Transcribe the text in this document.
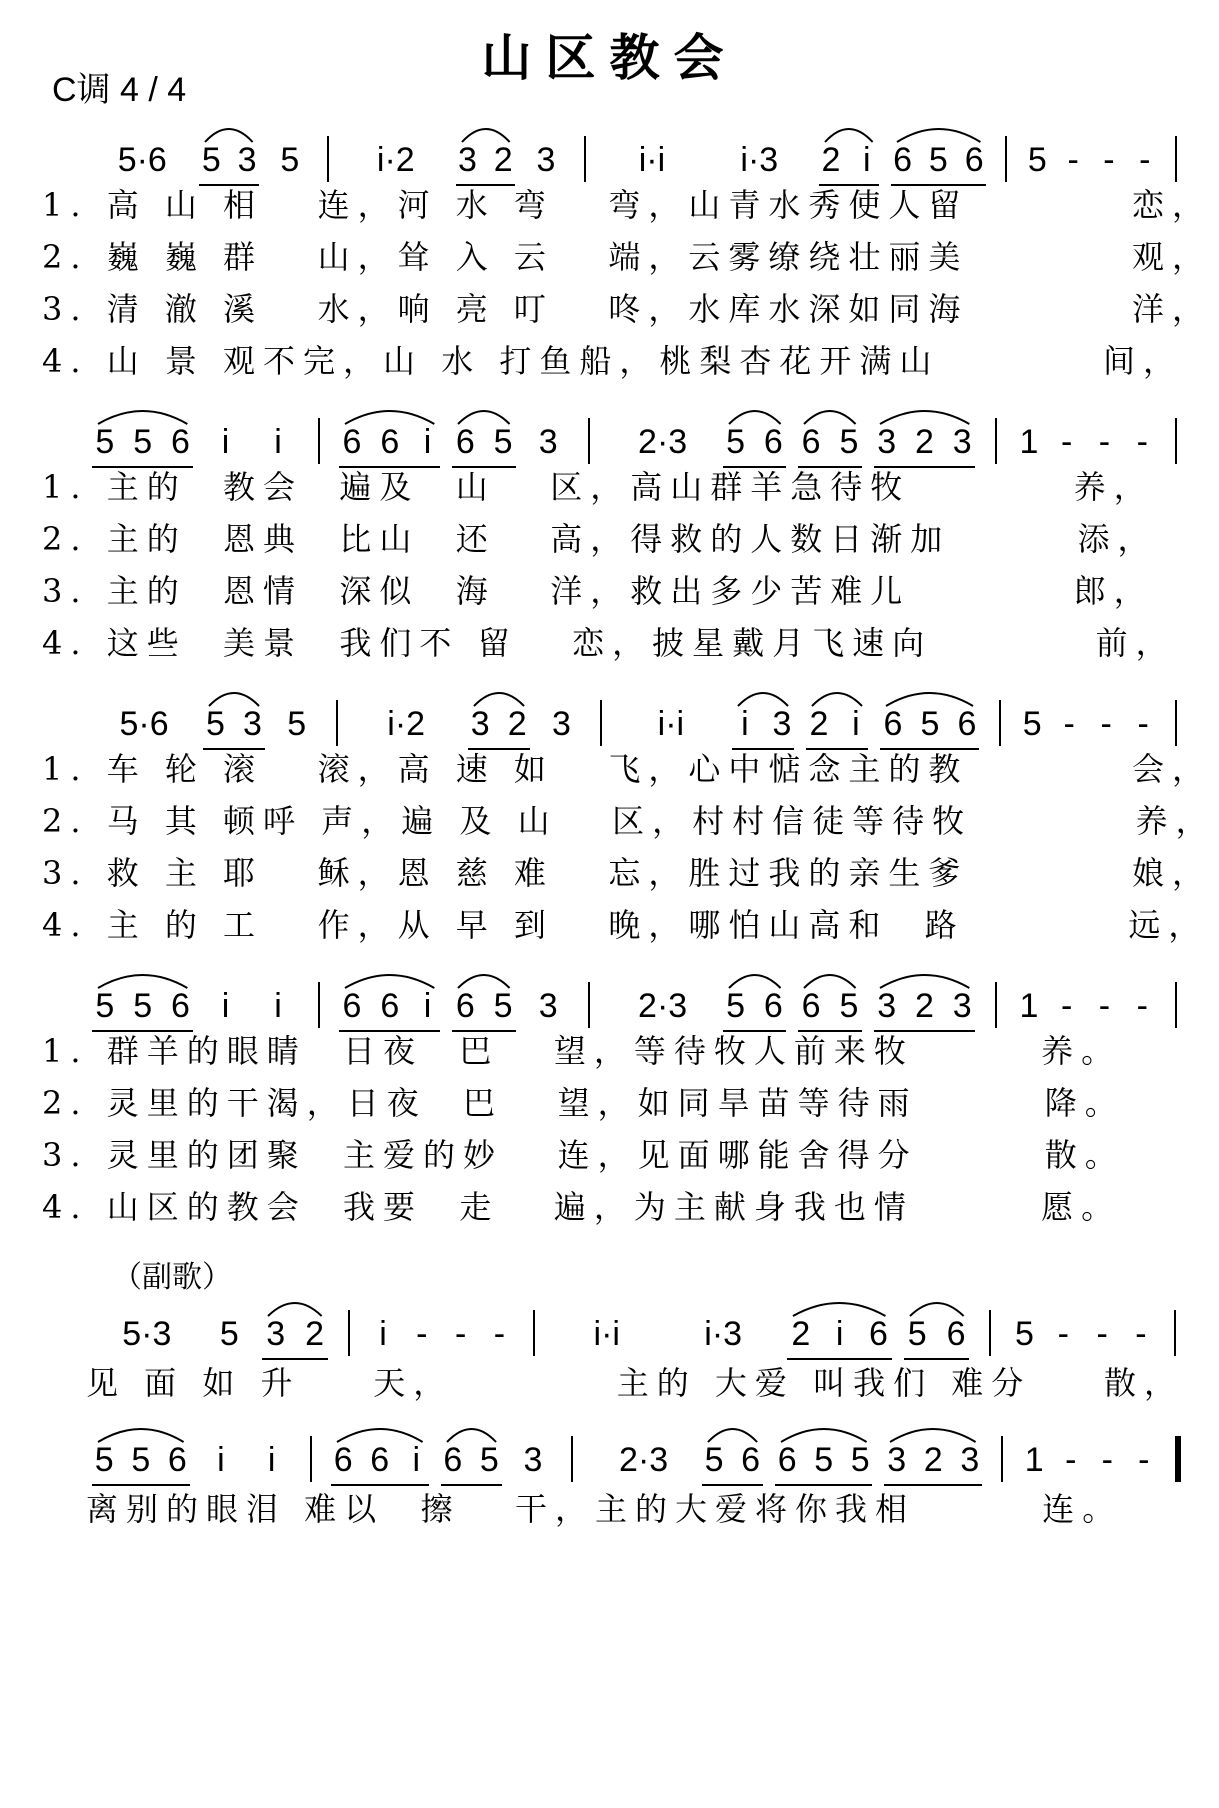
山区教会
C调 4 / 4
5·6	5 3 5	i·2	3 2 3	i·i i·3	2 i 6 5 6	5 - - -
1. 高 山 相   连，河 水 弯   弯，山青水秀使人留         恋，
2. 巍 巍 群   山，耸 入 云   端，云雾缭绕壮丽美         观，
3. 清 澈 溪   水，响 亮 叮   咚，水库水深如同海         洋，
4. 山 景 观不完，山 水 打鱼船，桃梨杏花开满山         间，
5 5 6 i	i	6 6 i 6 5 3	2·3	5 6 6 5 3 2 3	1 - - -
1. 主的  教会  遍及  山   区，高山群羊急待牧         养，
2. 主的  恩典  比山  还   高，得救的人数日渐加       添，
3. 主的  恩情  深似  海   洋，救出多少苦难儿         郎，
4. 这些  美景  我们不 留   恋，披星戴月飞速向         前，
5·6	5 3 5	i·2	3 2 3	i·i	i 3 2 i 6 5 6	5 - - -
1. 车 轮 滚   滚，高 速 如   飞，心中惦念主的教         会，
2. 马 其 顿呼 声，遍 及 山   区，村村信徒等待牧         养，
3. 救 主 耶   稣，恩 慈 难   忘，胜过我的亲生爹         娘，
4. 主 的 工   作，从 早 到   晚，哪怕山高和  路         远，
5 5 6 i	i	6 6 i 6 5 3	2·3	5 6 6 5 3 2 3	1 - - -
1. 群羊的眼睛  日夜  巴   望，等待牧人前来牧       养。
2. 灵里的干渴，日夜  巴   望，如同旱苗等待雨       降。
3. 灵里的团聚  主爱的妙   连，见面哪能舍得分       散。
4. 山区的教会  我要  走   遍，为主献身我也情       愿。
5·3	5 3 2	i - - -	i·i i·3	2 i 6 5 6	5 - - -
见 面 如 升    天，         主的 大爱 叫我们 难分    散，
5 5 6 i	i	6 6 i 6 5 3	2·3	5 6 6 5 5 3 2 3	1 - - -
离别的眼泪 难以  擦   干，主的大爱将你我相       连。
（副歌）
